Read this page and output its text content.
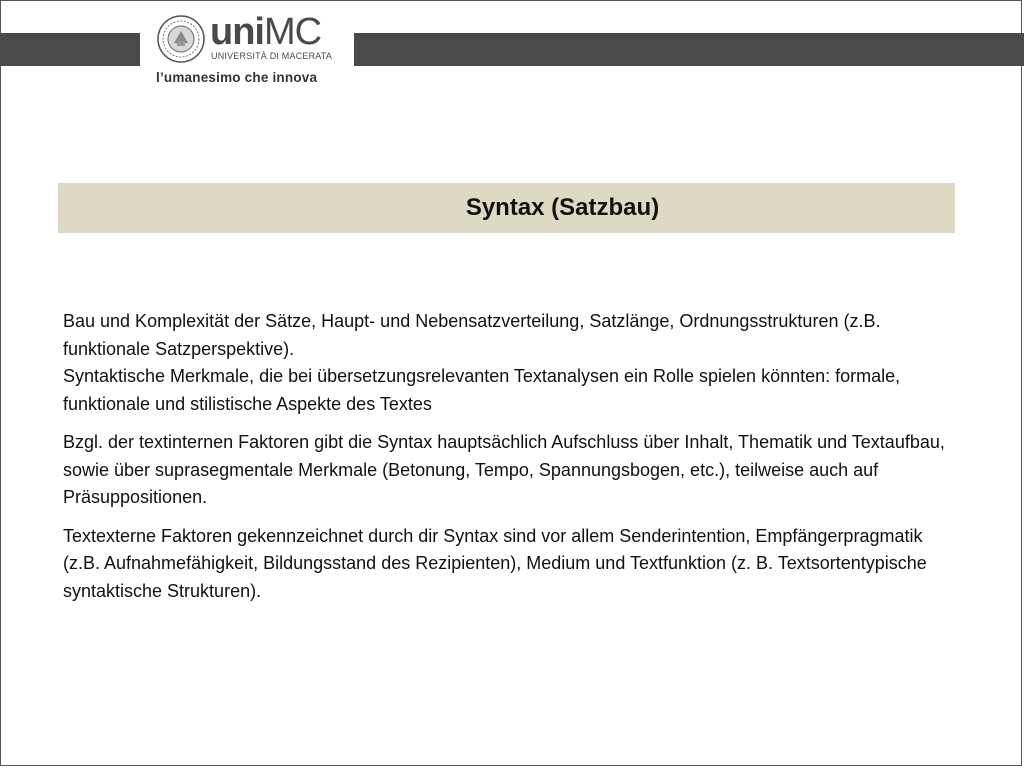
uniMC
UNIVERSITÀ DI MACERATA
l’umanesimo che innova
Syntax (Satzbau)

Bau und Komplexität der Sätze, Haupt- und Nebensatzverteilung, Satzlänge, Ordnungsstrukturen (z.B. funktionale Satzperspektive).

Syntaktische Merkmale, die bei übersetzungsrelevanten Textanalysen ein Rolle spielen könnten: formale, funktionale und stilistische Aspekte des Textes

Bzgl. der textinternen Faktoren gibt die Syntax hauptsächlich Aufschluss über Inhalt, Thematik und Textaufbau, sowie über suprasegmentale Merkmale (Betonung, Tempo, Spannungsbogen, etc.), teilweise auch auf Präsuppositionen.

Textexterne Faktoren gekennzeichnet durch dir Syntax sind vor allem Senderintention, Empfängerpragmatik (z.B. Aufnahmefähigkeit, Bildungsstand des Rezipienten), Medium und Textfunktion (z. B. Textsortentypische syntaktische Strukturen).
